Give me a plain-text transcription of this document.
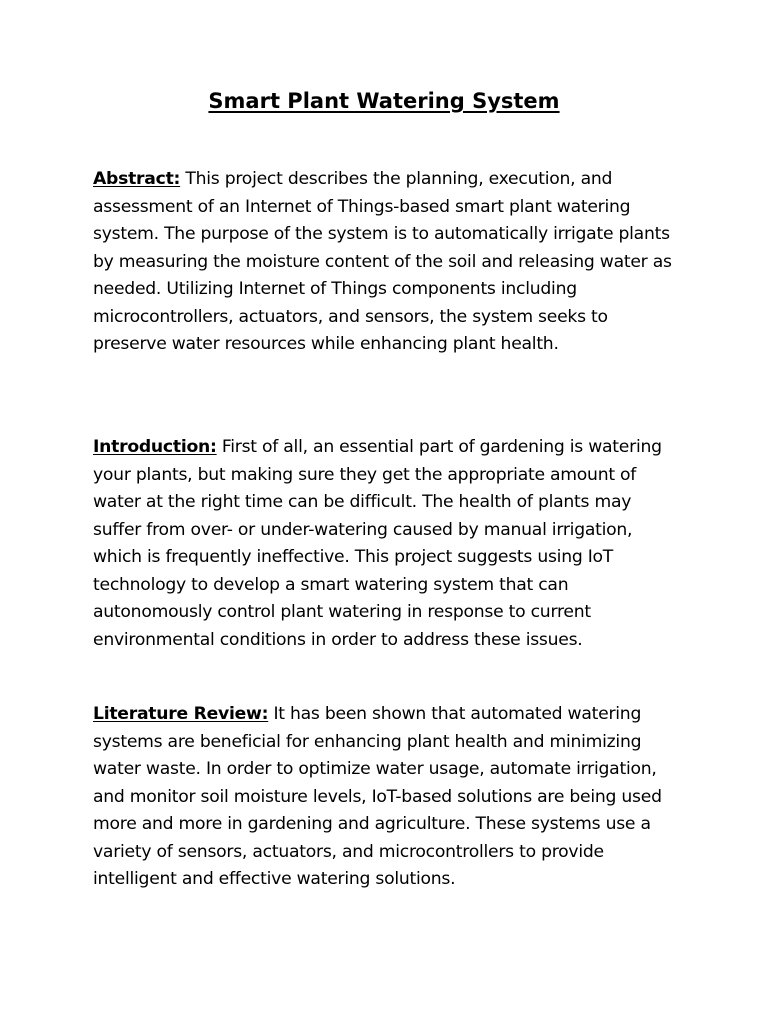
Smart Plant Watering System

Abstract: This project describes the planning, execution, and assessment of an Internet of Things-based smart plant watering system. The purpose of the system is to automatically irrigate plants by measuring the moisture content of the soil and releasing water as needed. Utilizing Internet of Things components including microcontrollers, actuators, and sensors, the system seeks to preserve water resources while enhancing plant health.

Introduction: First of all, an essential part of gardening is watering your plants, but making sure they get the appropriate amount of water at the right time can be difficult. The health of plants may suffer from over- or under-watering caused by manual irrigation, which is frequently ineffective. This project suggests using IoT technology to develop a smart watering system that can autonomously control plant watering in response to current environmental conditions in order to address these issues.

Literature Review: It has been shown that automated watering systems are beneficial for enhancing plant health and minimizing water waste. In order to optimize water usage, automate irrigation, and monitor soil moisture levels, IoT-based solutions are being used more and more in gardening and agriculture. These systems use a variety of sensors, actuators, and microcontrollers to provide intelligent and effective watering solutions.
